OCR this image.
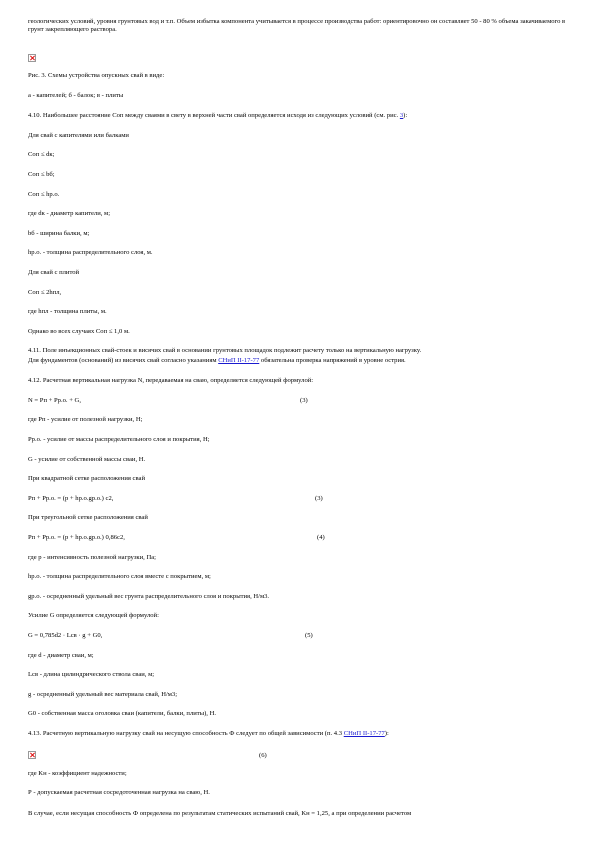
геологических условий, уровня грунтовых вод и т.п. Объем избытка компонента учитывается в процессе производства работ: ориентировочно он составляет 50 - 80 % объема закачиваемого в грунт закрепляющего раствора.
Рис. 3. Схемы устройства опускных свай в виде:
а - капителей; б - балок; в - плиты
4.10. Наибольшее расстояние Соп между сваями в свету в верхней части свай определяется исходя из следующих условий (см. рис. 3):
Для свай с капителями или балками
Соп ≤ dк;
Соп ≤ bб;
Соп ≤ hр.о.
где dк - диаметр капители, м;
bб - ширина балки, м;
hр.о. - толщина распределительного слоя, м.
Для свай с плитой
Соп ≤ 2hпл,
где hпл - толщина плиты, м.
Однако во всех случаях Соп ≤ 1,0 м.
4.11. Поле инъекционных свай-стоек и висячих свай в основании грунтовых площадок подлежит расчету только на вертикальную нагрузку.
Для фундаментов (оснований) из висячих свай согласно указаниям СНиП II-17-77 обязательна проверка напряжений в уровне острия.
4.12. Расчетная вертикальная нагрузка N, передаваемая на сваю, определяется следующей формулой:
N = Рп + Рр.о. + G,	(3)
где Рп - усилие от полезной нагрузки, Н;
Рр.о. - усилие от массы распределительного слоя и покрытия, Н;
G - усилие от собственной массы сваи, Н.
При квадратной сетке расположения свай
Рп + Рр.о. = (р + hр.о.gр.о.) с2,	(3)
При треугольной сетке расположения свай
Рп + Рр.о. = (р + hр.о.gр.о.) 0,86с2,	(4)
где р - интенсивность полезной нагрузки, Па;
hр.о. - толщина распределительного слоя вместе с покрытием, м;
gр.о. - осредненный удельный вес грунта распределительного слоя и покрытия, Н/м3.
Усилие G определяется следующей формулой:
G = 0,785d2 · Lсв · g + G0,	(5)
где d - диаметр сваи, м;
Lсв - длина цилиндрического ствола сваи, м;
g - осредненный удельный вес материала свай, Н/м3;
G0 - собственная масса оголовка сваи (капители, балки, плиты), Н.
4.13. Расчетную вертикальную нагрузку свай на несущую способность Ф следует по общей зависимости (п. 4.3 СНиП II-17-77):
(6)
где Kн - коэффициент надежности;
Р - допускаемая расчетная сосредоточенная нагрузка на сваю, Н.
В случае, если несущая способность Ф определена по результатам статических испытаний свай, Kн = 1,25, а при определении расчетом
